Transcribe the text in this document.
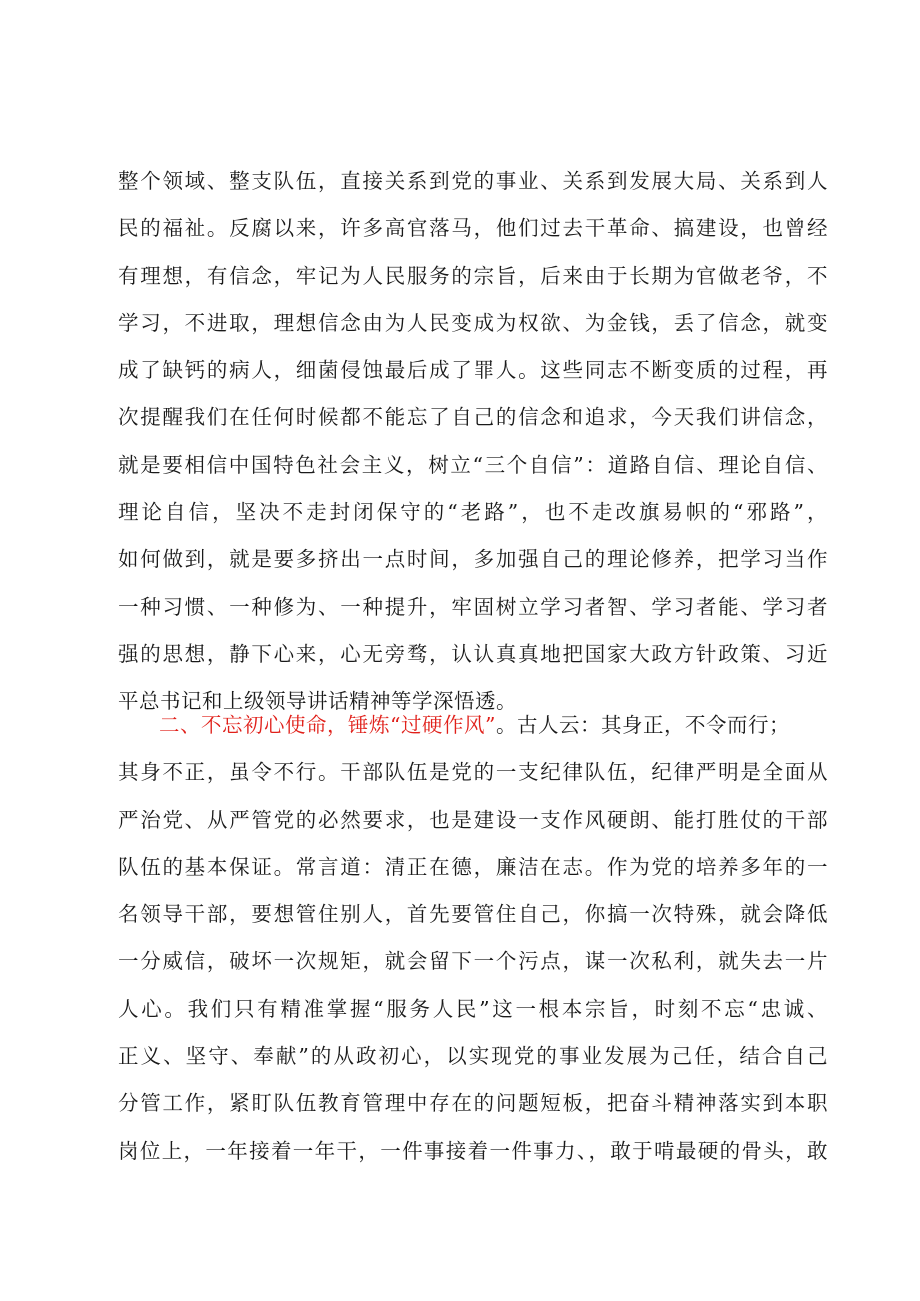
整个领域、整支队伍，直接关系到党的事业、关系到发展大局、关系到人
民的福祉。反腐以来，许多高官落马，他们过去干革命、搞建设，也曾经
有理想，有信念，牢记为人民服务的宗旨，后来由于长期为官做老爷，不
学习，不进取，理想信念由为人民变成为权欲、为金钱，丢了信念，就变
成了缺钙的病人，细菌侵蚀最后成了罪人。这些同志不断变质的过程，再
次提醒我们在任何时候都不能忘了自己的信念和追求，今天我们讲信念，
就是要相信中国特色社会主义，树立“三个自信”：道路自信、理论自信、
理论自信，坚决不走封闭保守的“老路”，也不走改旗易帜的“邪路”，
如何做到，就是要多挤出一点时间，多加强自己的理论修养，把学习当作
一种习惯、一种修为、一种提升，牢固树立学习者智、学习者能、学习者
强的思想，静下心来，心无旁骛，认认真真地把国家大政方针政策、习近
平总书记和上级领导讲话精神等学深悟透。
二、不忘初心使命，锤炼“过硬作风”。古人云：其身正，不令而行；
其身不正，虽令不行。干部队伍是党的一支纪律队伍，纪律严明是全面从
严治党、从严管党的必然要求，也是建设一支作风硬朗、能打胜仗的干部
队伍的基本保证。常言道：清正在德，廉洁在志。作为党的培养多年的一
名领导干部，要想管住别人，首先要管住自己，你搞一次特殊，就会降低
一分威信，破坏一次规矩，就会留下一个污点，谋一次私利，就失去一片
人心。我们只有精准掌握“服务人民”这一根本宗旨，时刻不忘“忠诚、
正义、坚守、奉献”的从政初心，以实现党的事业发展为己任，结合自己
分管工作，紧盯队伍教育管理中存在的问题短板，把奋斗精神落实到本职
岗位上，一年接着一年干，一件事接着一件事力、，敢于啃最硬的骨头，敢
